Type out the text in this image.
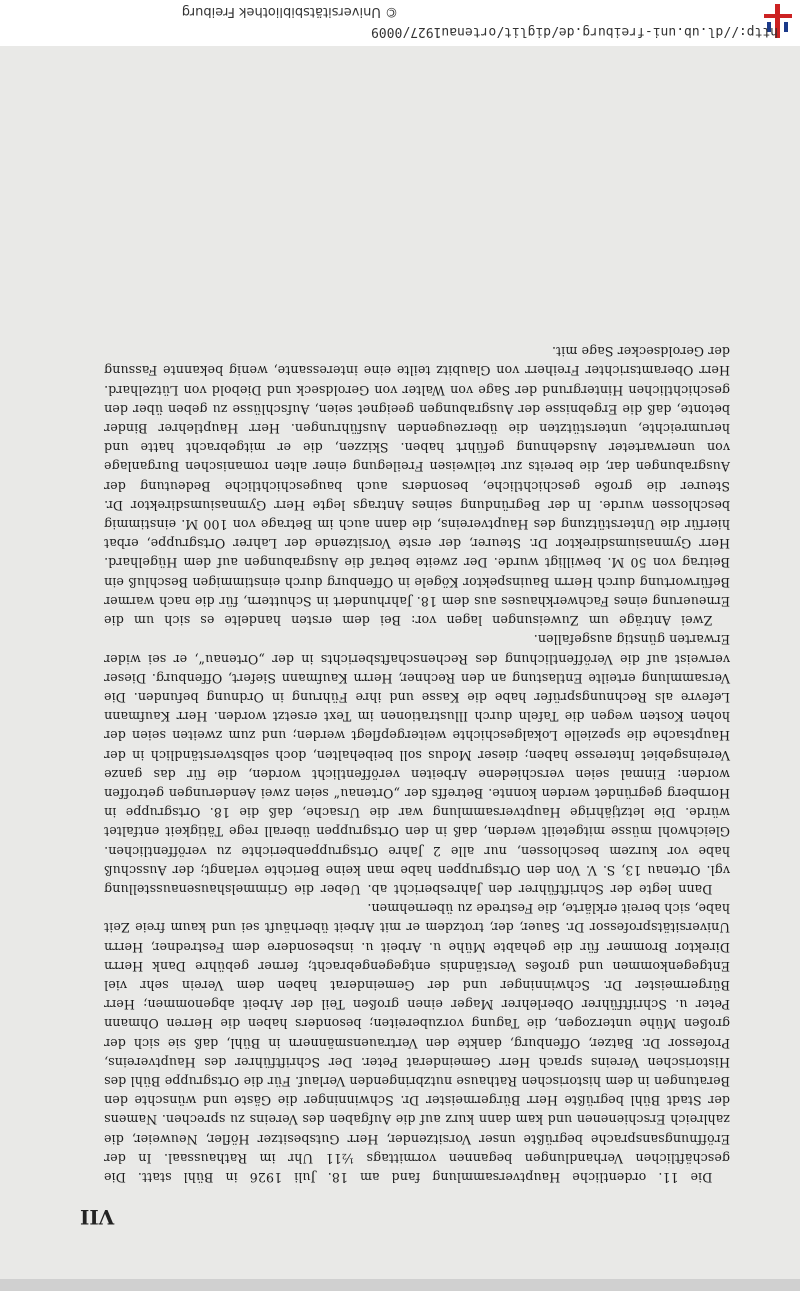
VII

Die 11. ordentliche Hauptversammlung fand am 18. Juli 1926 in Bühl statt. Die geschäftlichen Verhandlungen begannen vormittags ½11 Uhr im Rathaussaal. In der Eröffnungsansprache begrüßte unser Vorsitzender, Herr Gutsbesitzer Höfler, Neuweier, die zahlreich Erschienenen und kam dann kurz auf die Aufgaben des Vereins zu sprechen. Namens der Stadt Bühl begrüßte Herr Bürgermeister Dr. Schwinninger die Gäste und wünschte den Beratungen in dem historischen Rathause nutzbringenden Verlauf. Für die Ortsgruppe Bühl des Historischen Vereins sprach Herr Gemeinderat Peter. Der Schriftführer des Hauptvereins, Professor Dr. Batzer, Offenburg, dankte den Vertrauensmännern in Bühl, daß sie sich der großen Mühe unterzogen, die Tagung vorzubereiten; besonders haben die Herren Ohmann Peter u. Schriftführer Oberlehrer Mager einen großen Teil der Arbeit abgenommen; Herr Bürgermeister Dr. Schwinninger und der Gemeinderat haben dem Verein sehr viel Entgegenkommen und großes Verständnis entgegengebracht; ferner gebühre Dank Herrn Direktor Brommer für die gehabte Mühe u. Arbeit u. insbesondere dem Festredner, Herrn Universitätsprofessor Dr. Sauer, der, trotzdem er mit Arbeit überhäuft sei und kaum freie Zeit habe, sich bereit erklärte, die Festrede zu übernehmen.

Dann legte der Schriftführer den Jahresbericht ab. Ueber die Grimmelshausenausstellung vgl. Ortenau 13, S. V. Von den Ortsgruppen habe man keine Berichte verlangt; der Ausschuß habe vor kurzem beschlossen, nur alle 2 Jahre Ortsgruppenberichte zu veröffentlichen. Gleichwohl müsse mitgeteilt werden, daß in den Ortsgruppen überall rege Tätigkeit entfaltet würde. Die letztjährige Hauptversammlung war die Ursache, daß die 18. Ortsgruppe in Hornberg gegründet werden konnte. Betreffs der „Ortenau“ seien zwei Aenderungen getroffen worden: Einmal seien verschiedene Arbeiten veröffentlicht worden, die für das ganze Vereinsgebiet Interesse haben; dieser Modus soll beibehalten, doch selbstverständlich in der Hauptsache die spezielle Lokalgeschichte weitergepflegt werden; und zum zweiten seien der hohen Kosten wegen die Tafeln durch Illustrationen im Text ersetzt worden. Herr Kaufmann Lefevre als Rechnungsprüfer habe die Kasse und ihre Führung in Ordnung befunden. Die Versammlung erteilte Entlastung an den Rechner, Herrn Kaufmann Siefert, Offenburg. Dieser verweist auf die Veröffentlichung des Rechenschaftsberichts in der „Ortenau“, er sei wider Erwarten günstig ausgefallen.

Zwei Anträge um Zuweisungen lagen vor: Bei dem ersten handelte es sich um die Erneuerung eines Fachwerkhauses aus dem 18. Jahrhundert in Schuttern, für die nach warmer Befürwortung durch Herrn Bauinspektor Kögele in Offenburg durch einstimmigen Beschluß ein Beitrag von 50 M. bewilligt wurde. Der zweite betraf die Ausgrabungen auf dem Hügelhard. Herr Gymnasiumsdirektor Dr. Steurer, der erste Vorsitzende der Lahrer Ortsgruppe, erbat hierfür die Unterstützung des Hauptvereins, die dann auch im Betrage von 100 M. einstimmig beschlossen wurde. In der Begründung seines Antrags legte Herr Gymnasiumsdirektor Dr. Steurer die große geschichtliche, besonders auch baugeschichtliche Bedeutung der Ausgrabungen dar, die bereits zur teilweisen Freilegung einer alten romanischen Burganlage von unerwarteter Ausdehnung geführt haben. Skizzen, die er mitgebracht hatte und herumreichte, unterstützten die überzeugenden Ausführungen. Herr Hauptlehrer Binder betonte, daß die Ergebnisse der Ausgrabungen geeignet seien, Aufschlüsse zu geben über den geschichtlichen Hintergrund der Sage von Walter von Geroldseck und Diebold von Lützelhard. Herr Oberamtsrichter Freiherr von Glaubitz teilte eine interessante, wenig bekannte Fassung der Geroldsecker Sage mit.

http://dl.ub.uni-freiburg.de/diglit/ortenau1927/0009
© Universitätsbibliothek Freiburg
